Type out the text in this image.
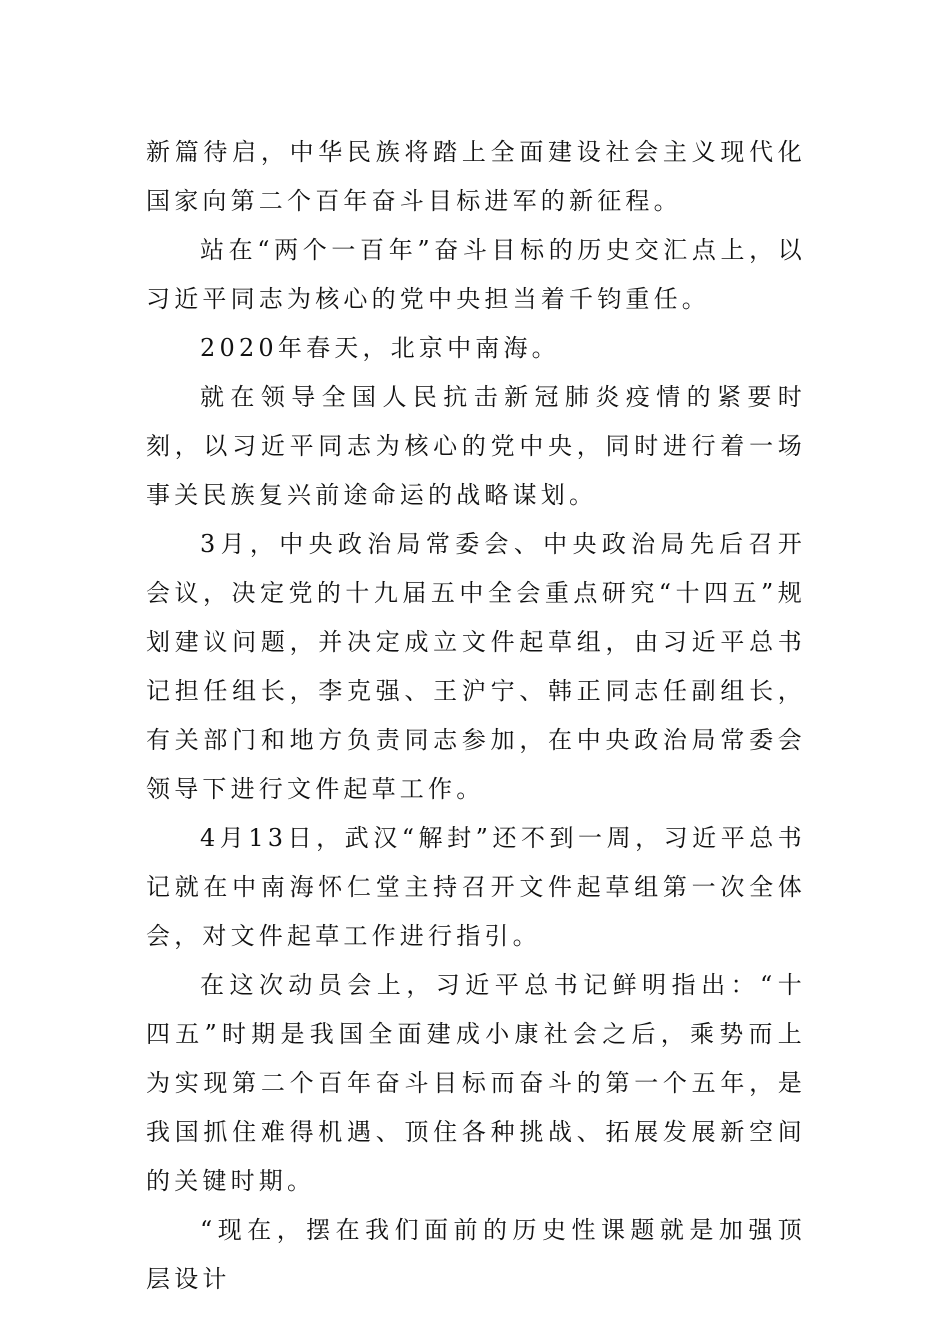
新篇待启，中华民族将踏上全面建设社会主义现代化国家向第二个百年奋斗目标进军的新征程。

站在“两个一百年”奋斗目标的历史交汇点上，以习近平同志为核心的党中央担当着千钧重任。

2020年春天，北京中南海。

就在领导全国人民抗击新冠肺炎疫情的紧要时刻，以习近平同志为核心的党中央，同时进行着一场事关民族复兴前途命运的战略谋划。

3月，中央政治局常委会、中央政治局先后召开会议，决定党的十九届五中全会重点研究“十四五”规划建议问题，并决定成立文件起草组，由习近平总书记担任组长，李克强、王沪宁、韩正同志任副组长，有关部门和地方负责同志参加，在中央政治局常委会领导下进行文件起草工作。

4月13日，武汉“解封”还不到一周，习近平总书记就在中南海怀仁堂主持召开文件起草组第一次全体会，对文件起草工作进行指引。

在这次动员会上，习近平总书记鲜明指出：“十四五”时期是我国全面建成小康社会之后，乘势而上为实现第二个百年奋斗目标而奋斗的第一个五年，是我国抓住难得机遇、顶住各种挑战、拓展发展新空间的关键时期。

“现在，摆在我们面前的历史性课题就是加强顶层设计
